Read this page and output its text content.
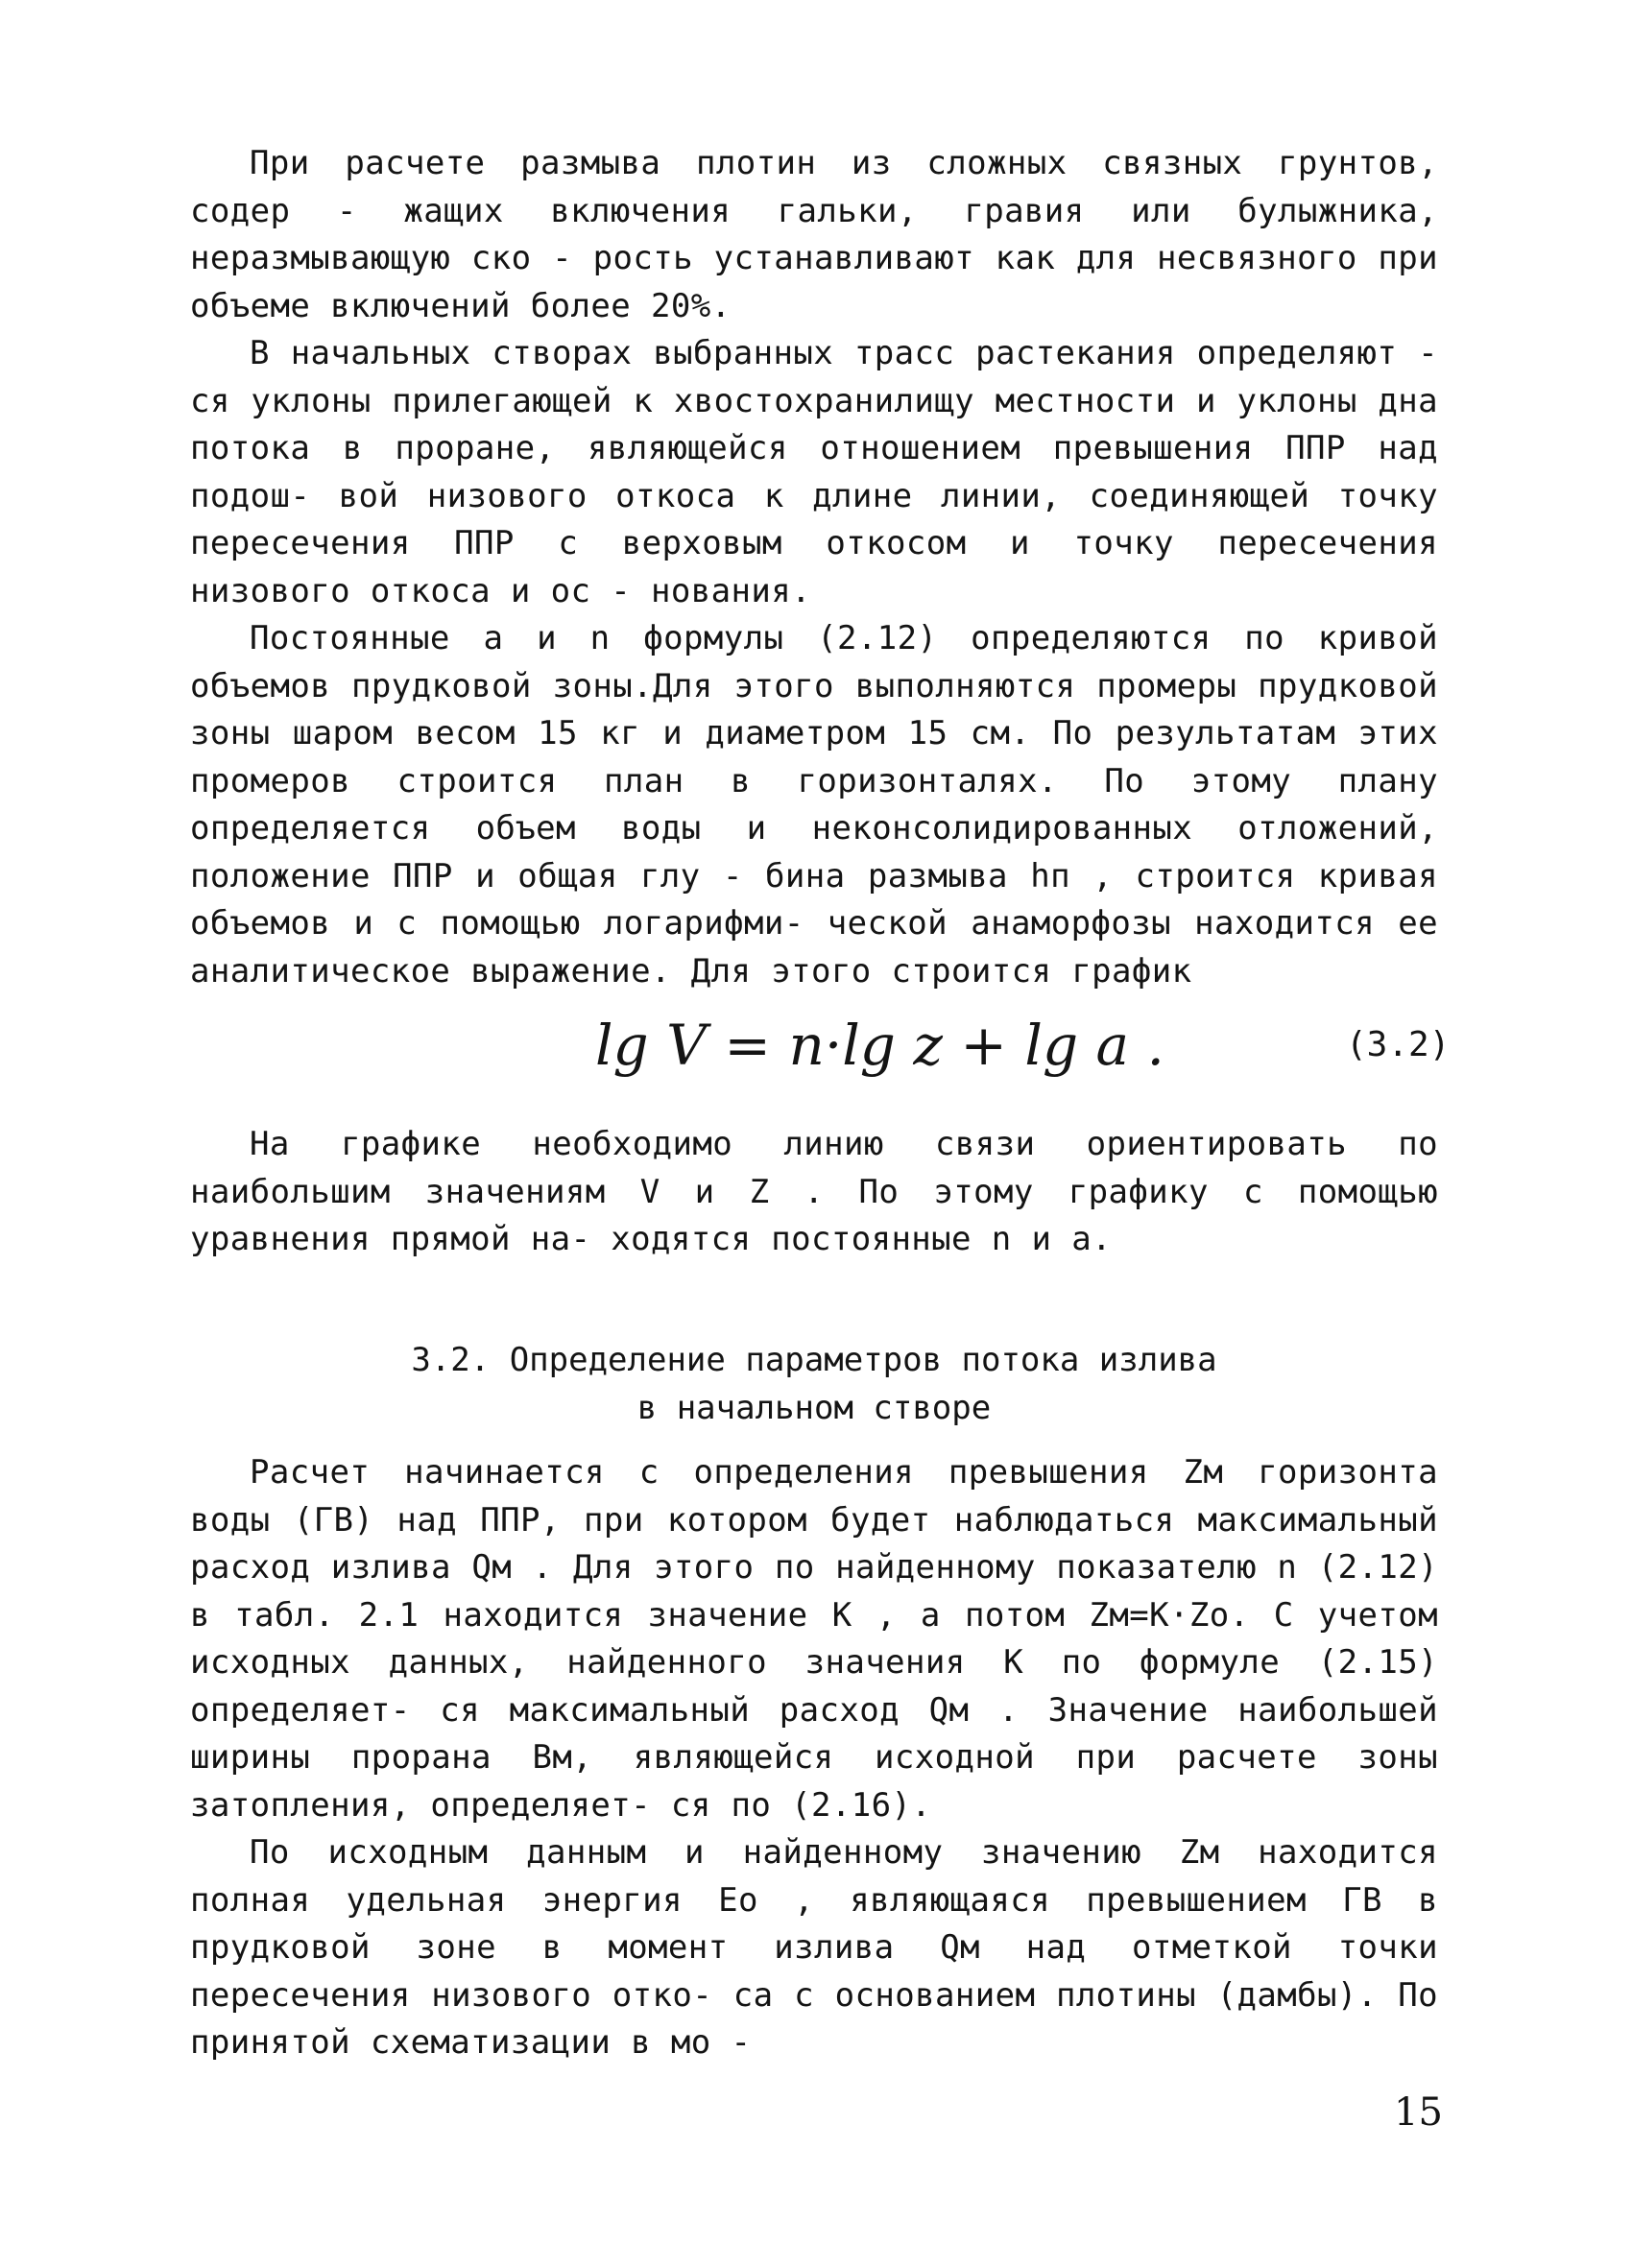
При расчете размыва плотин из сложных связных грунтов, содер - жащих включения гальки, гравия или булыжника, неразмывающую ско - рость устанавливают как для несвязного при объеме включений более 20%.

В начальных створах выбранных трасс растекания определяют - ся уклоны прилегающей к хвостохранилищу местности и уклоны дна потока в проране, являющейся отношением превышения ППР над подош- вой низового откоса к длине линии, соединяющей точку пересечения ППР с верховым откосом и точку пересечения низового откоса и ос - нования.

Постоянные a и n формулы (2.12) определяются по кривой объемов прудковой зоны.Для этого выполняются промеры прудковой зоны шаром весом 15 кг и диаметром 15 см. По результатам этих промеров строится план в горизонталях. По этому плану определяется объем воды и неконсолидированных отложений, положение ППР и общая глу - бина размыва hп , строится кривая объемов и с помощью логарифми- ческой анаморфозы находится ее аналитическое выражение. Для этого строится график

lg V = n·lg z + lg a .	(3.2)

На графике необходимо линию связи ориентировать по наибольшим значениям V и Z . По этому графику с помощью уравнения прямой на- ходятся постоянные n и a.

3.2. Определение параметров потока излива
в начальном створе

Расчет начинается с определения превышения Zм горизонта воды (ГВ) над ППР, при котором будет наблюдаться максимальный расход излива Qм . Для этого по найденному показателю n (2.12) в табл. 2.1 находится значение K , а потом Zм=K·Zо. С учетом исходных данных, найденного значения K по формуле (2.15) определяет- ся максимальный расход Qм . Значение наибольшей ширины прорана Bм, являющейся исходной при расчете зоны затопления, определяет- ся по (2.16).

По исходным данным и найденному значению Zм находится полная удельная энергия Eо , являющаяся превышением ГВ в прудковой зоне в момент излива Qм над отметкой точки пересечения низового отко- са с основанием плотины (дамбы). По принятой схематизации в мо -

15
